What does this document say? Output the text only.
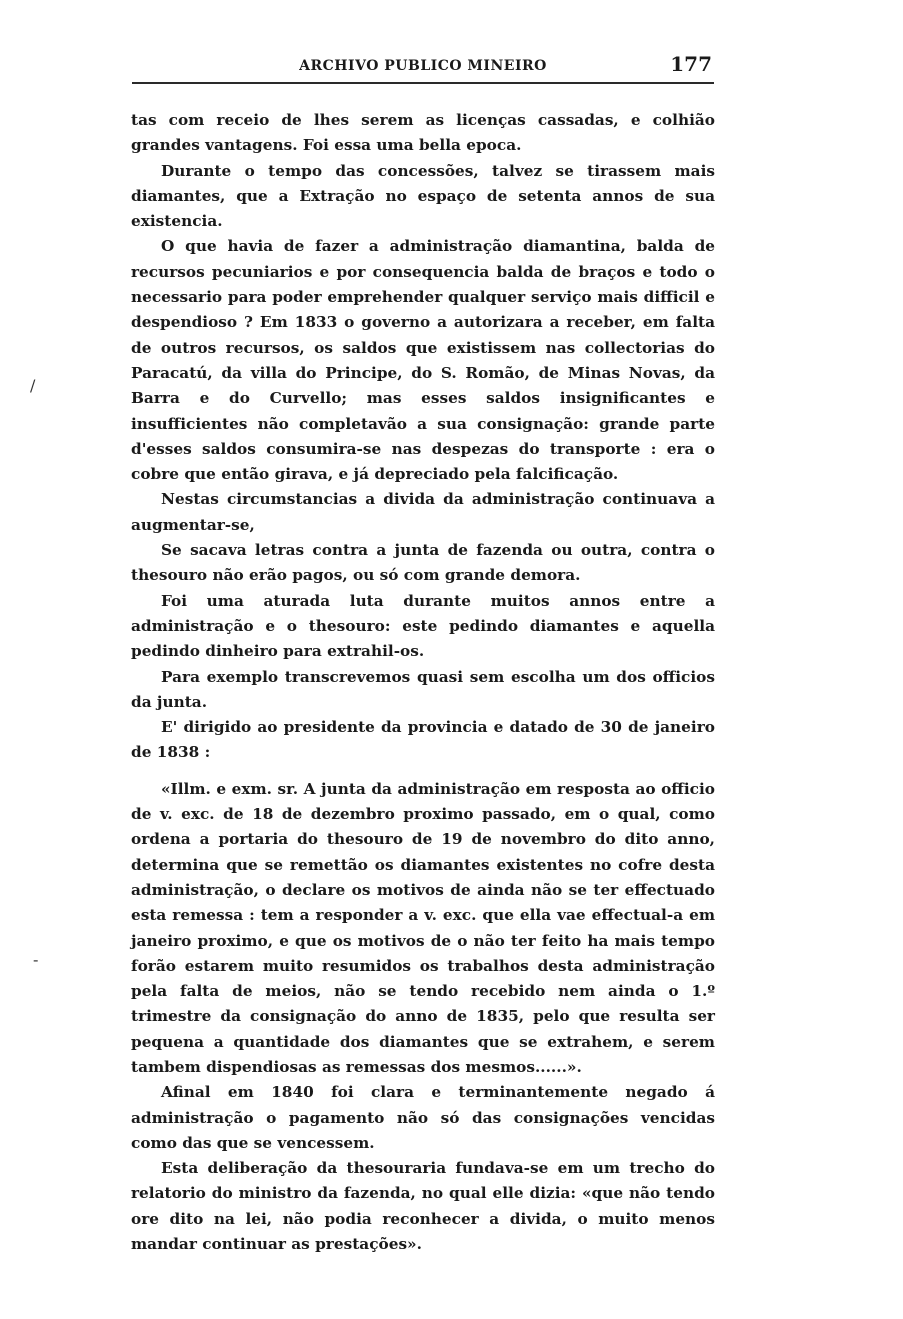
ARCHIVO PUBLICO MINEIRO	177

tas com receio de lhes serem as licenças cassadas, e colhião grandes vantagens. Foi essa uma bella epoca.

Durante o tempo das concessões, talvez se tirassem mais diamantes, que a Extração no espaço de setenta annos de sua existencia.

O que havia de fazer a administração diamantina, balda de recursos pecuniarios e por consequencia balda de braços e todo o necessario para poder emprehender qualquer serviço mais difficil e despendioso ? Em 1833 o governo a autorizara a receber, em falta de outros recursos, os saldos que existissem nas collectorias do Paracatú, da villa do Principe, do S. Romão, de Minas Novas, da Barra e do Curvello; mas esses saldos insignificantes e insufficientes não completavão a sua consignação: grande parte d'esses saldos consumira-se nas despezas do transporte : era o cobre que então girava, e já depreciado pela falcificação.

Nestas circumstancias a divida da administração continuava a augmentar-se,

Se sacava letras contra a junta de fazenda ou outra, contra o thesouro não erão pagos, ou só com grande demora.

Foi uma aturada luta durante muitos annos entre a administração e o thesouro: este pedindo diamantes e aquella pedindo dinheiro para extrahil-os.

Para exemplo transcrevemos quasi sem escolha um dos officios da junta.

E' dirigido ao presidente da provincia e datado de 30 de janeiro de 1838 :

«Illm. e exm. sr. A junta da administração em resposta ao officio de v. exc. de 18 de dezembro proximo passado, em o qual, como ordena a portaria do thesouro de 19 de novembro do dito anno, determina que se remettão os diamantes existentes no cofre desta administração, o declare os motivos de ainda não se ter effectuado esta remessa : tem a responder a v. exc. que ella vae effectual-a em janeiro proximo, e que os motivos de o não ter feito ha mais tempo forão estarem muito resumidos os trabalhos desta administração pela falta de meios, não se tendo recebido nem ainda o 1.º trimestre da consignação do anno de 1835, pelo que resulta ser pequena a quantidade dos diamantes que se extrahem, e serem tambem dispendiosas as remessas dos mesmos......».

Afinal em 1840 foi clara e terminantemente negado á administração o pagamento não só das consignações vencidas como das que se vencessem.

Esta deliberação da thesouraria fundava-se em um trecho do relatorio do ministro da fazenda, no qual elle dizia: «que não tendo ore dito na lei, não podia reconhecer a divida, o muito menos mandar continuar as prestações».

/
-
